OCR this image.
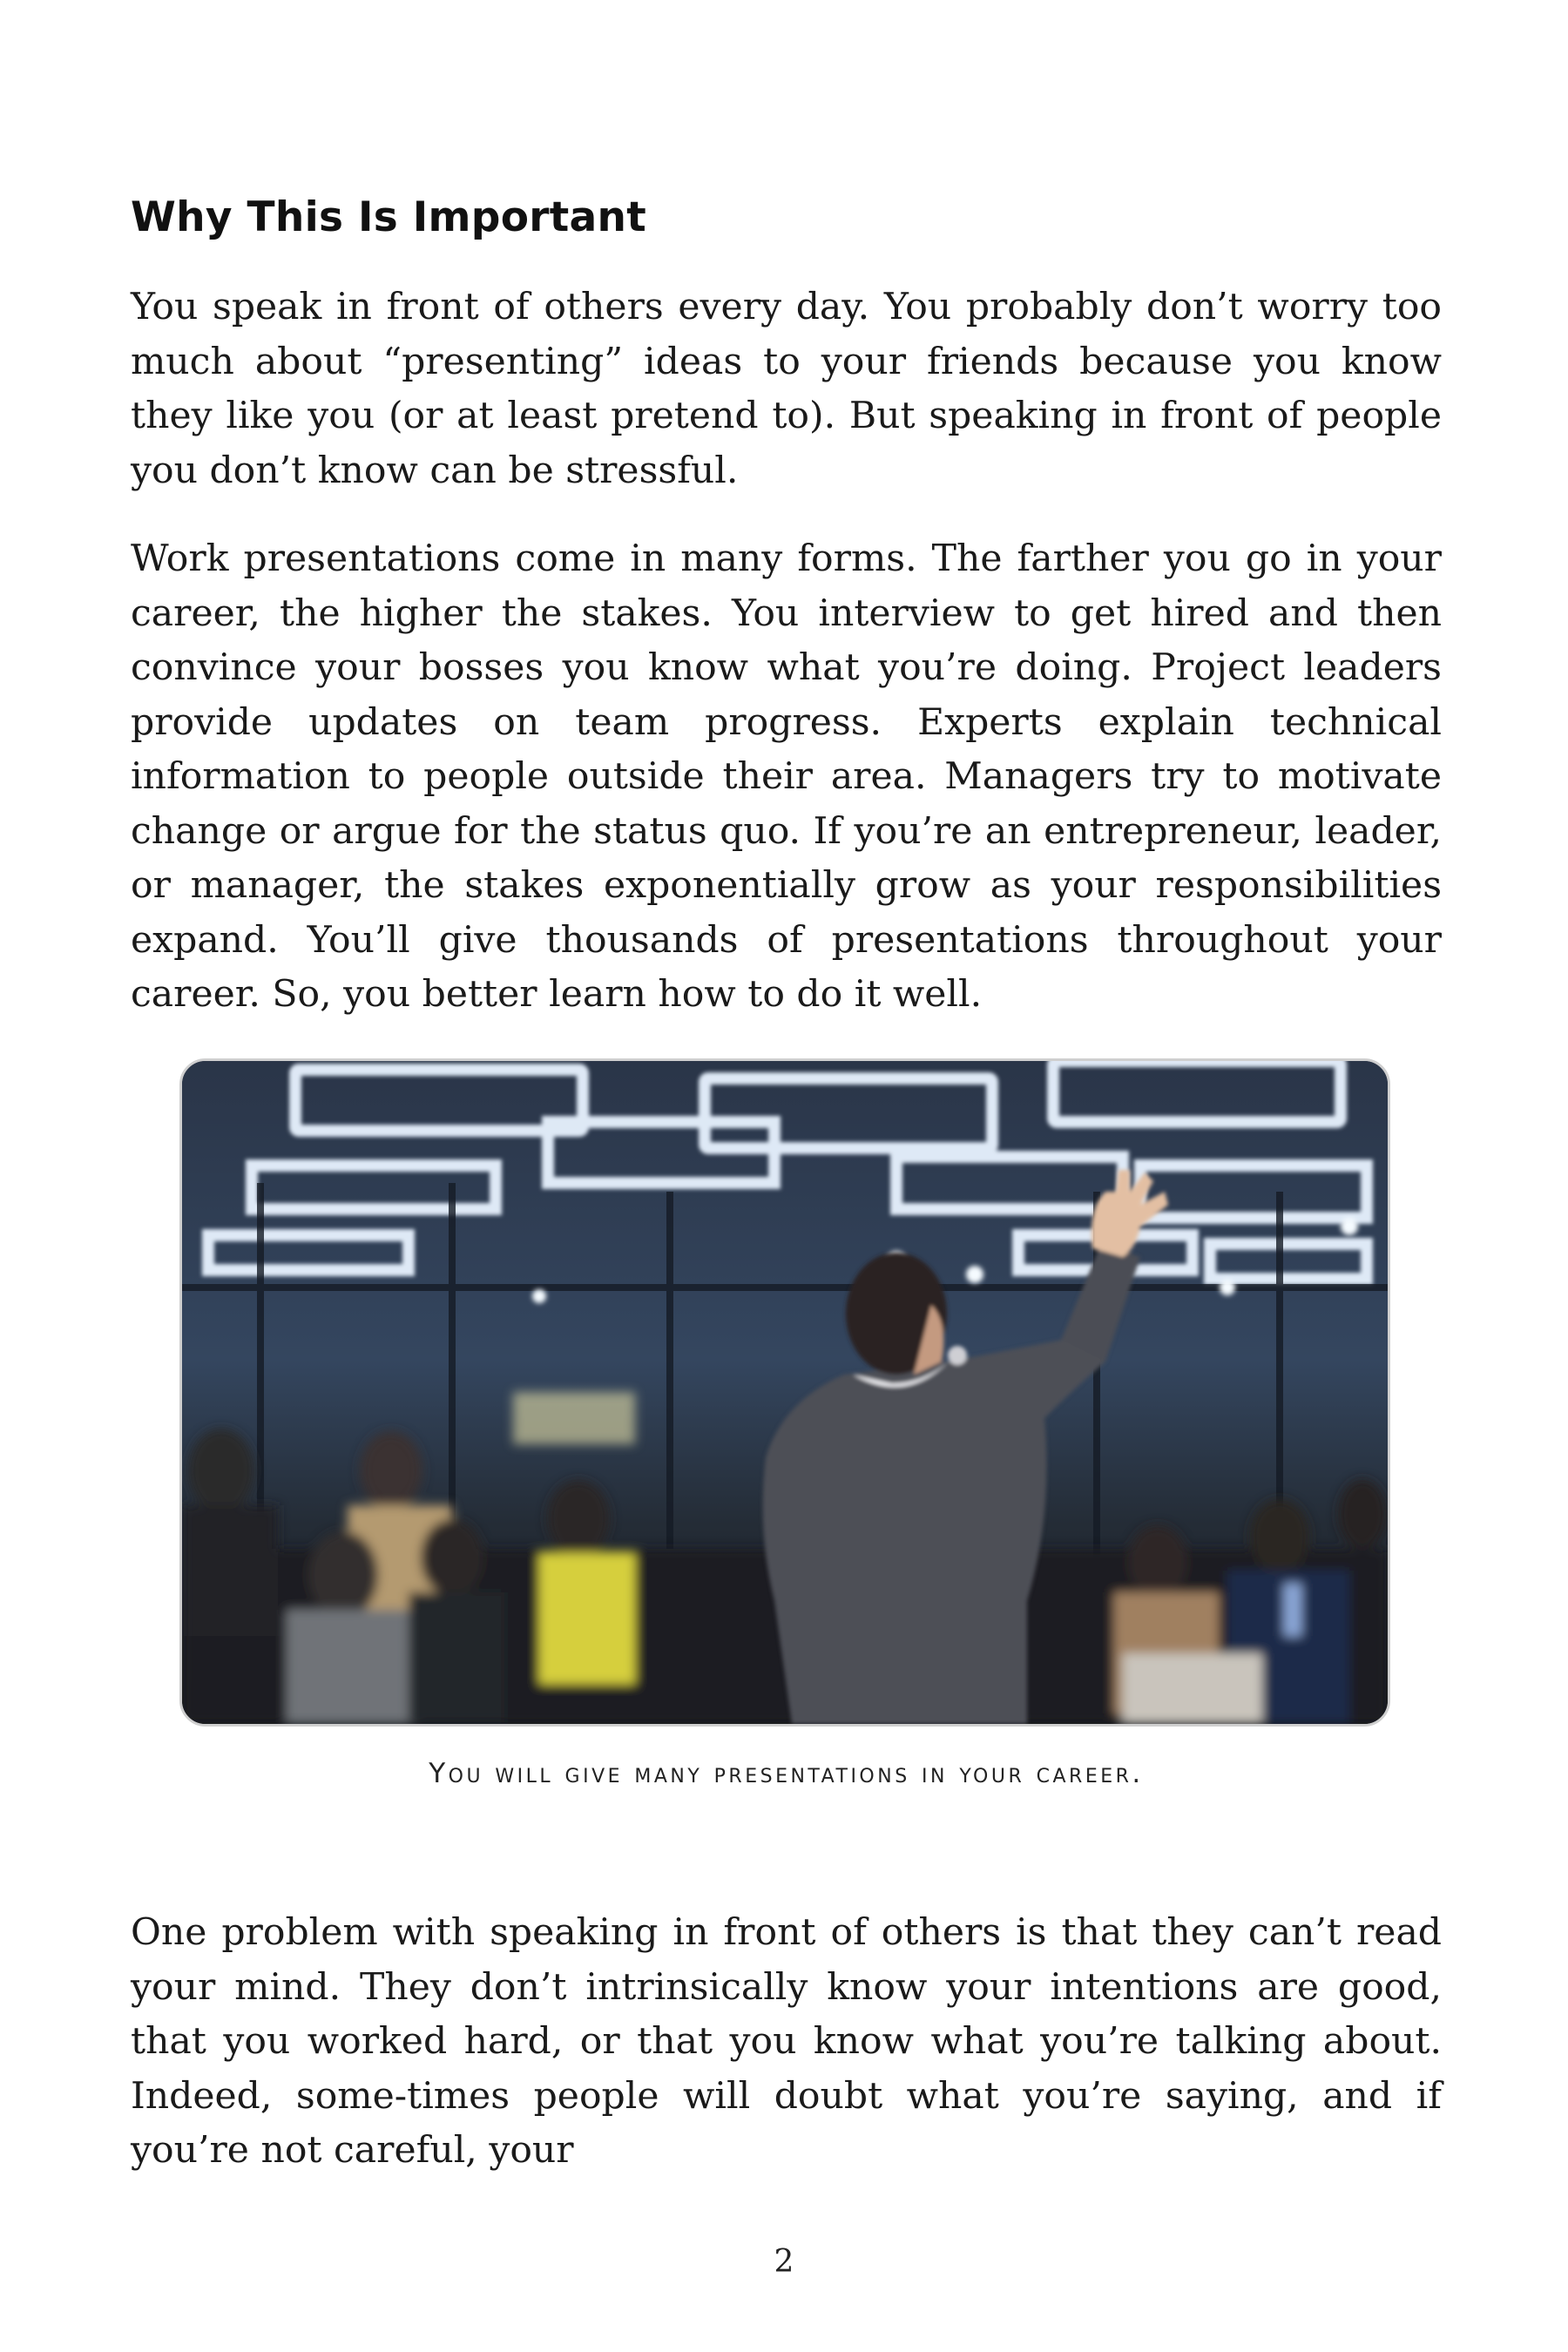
Why This Is Important

You speak in front of others every day. You probably don’t worry too much about “presenting” ideas to your friends because you know they like you (or at least pretend to). But speaking in front of people you don’t know can be stressful.

Work presentations come in many forms. The farther you go in your career, the higher the stakes. You interview to get hired and then convince your bosses you know what you’re doing. Project leaders provide updates on team progress. Experts explain technical information to people outside their area. Managers try to motivate change or argue for the status quo. If you’re an entrepreneur, leader, or manager, the stakes exponentially grow as your responsibilities expand. You’ll give thousands of presentations throughout your career. So, you better learn how to do it well.

You will give many presentations in your career.

One problem with speaking in front of others is that they can’t read your mind. They don’t intrinsically know your intentions are good, that you worked hard, or that you know what you’re talking about. Indeed, some-times people will doubt what you’re saying, and if you’re not careful, your

2
